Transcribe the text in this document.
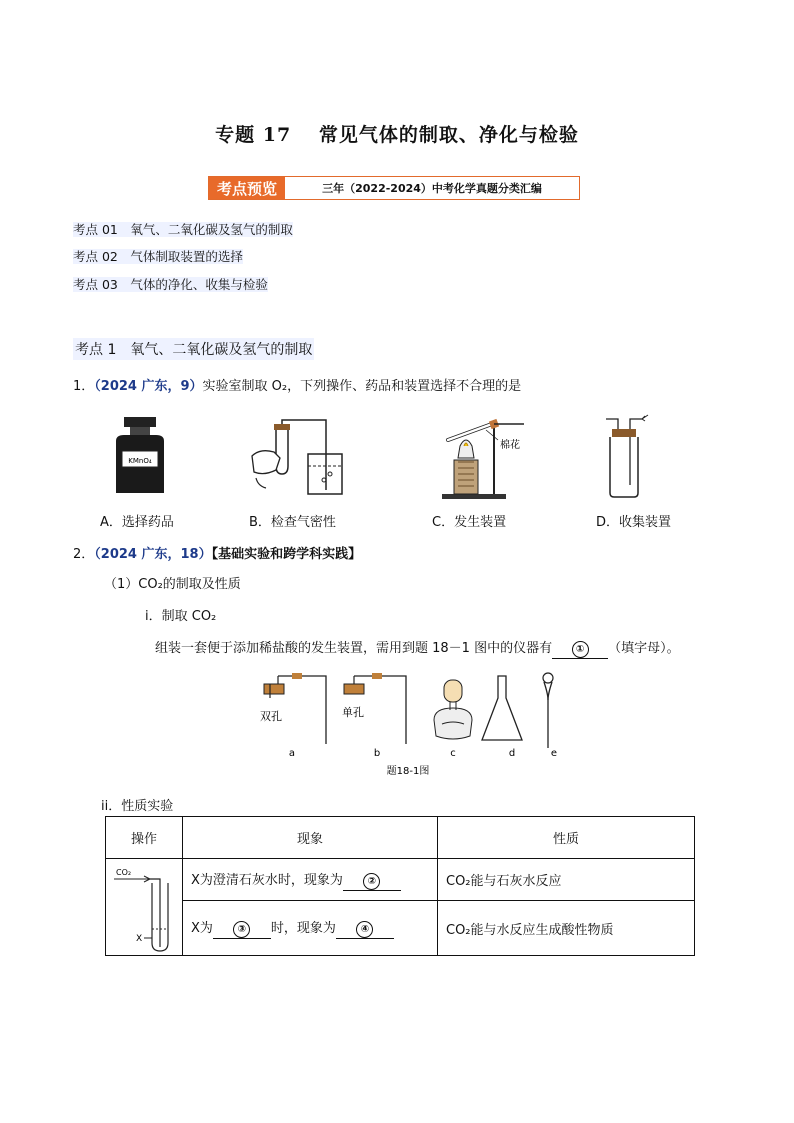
专题 17　 常见气体的制取、净化与检验
考点预览	三年（2022-2024）中考化学真题分类汇编
考点 01　氧气、二氧化碳及氢气的制取
考点 02　气体制取装置的选择
考点 03　气体的净化、收集与检验
考点 1　氧气、二氧化碳及氢气的制取
1．（2024 广东，9）实验室制取 O₂，下列操作、药品和装置选择不合理的是
KMnO₄
棉花
A．选择药品	B．检查气密性	C．发生装置	D．收集装置
2．（2024 广东，18）【基础实验和跨学科实践】
（1）CO₂的制取及性质
i．制取 CO₂
组装一套便于添加稀盐酸的发生装置，需用到题 18－1 图中的仪器有 ① （填字母）。
双孔	单孔
a	b	c	d	e
题18-1图
ii．性质实验
操作	现象	性质

CO₂
X	X为澄清石灰水时，现象为 ②	CO₂能与石灰水反应
	X为 ③ 时，现象为 ④	CO₂能与水反应生成酸性物质
